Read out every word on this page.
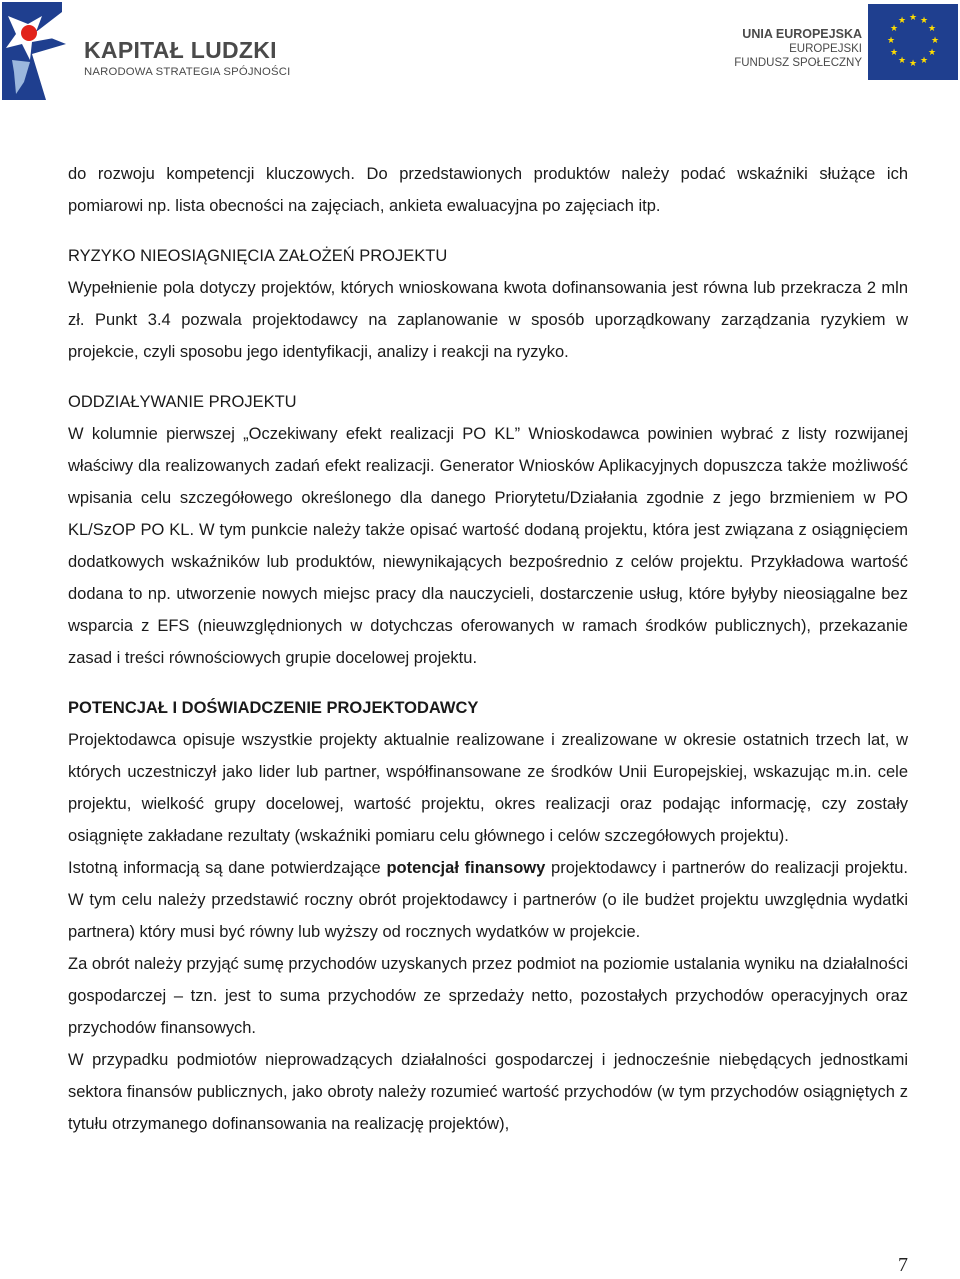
KAPITAŁ LUDZKI
NARODOWA STRATEGIA SPÓJNOŚCI
UNIA EUROPEJSKA
EUROPEJSKI
FUNDUSZ SPOŁECZNY
★ ★
★
★
★
★
★
★
★
★
★
★

do rozwoju kompetencji kluczowych. Do przedstawionych produktów należy podać wskaźniki służące ich pomiarowi np. lista obecności na zajęciach, ankieta ewaluacyjna po zajęciach itp.

RYZYKO NIEOSIĄGNIĘCIA ZAŁOŻEŃ PROJEKTU

Wypełnienie pola dotyczy projektów, których wnioskowana kwota dofinansowania jest równa lub przekracza 2 mln zł. Punkt 3.4 pozwala projektodawcy na zaplanowanie w sposób uporządkowany zarządzania ryzykiem w projekcie, czyli sposobu jego identyfikacji, analizy i reakcji na ryzyko.

ODDZIAŁYWANIE PROJEKTU

W kolumnie pierwszej „Oczekiwany efekt realizacji PO KL” Wnioskodawca powinien wybrać z listy rozwijanej właściwy dla realizowanych zadań efekt realizacji. Generator Wniosków Aplikacyjnych dopuszcza także możliwość wpisania celu szczegółowego określonego dla danego Priorytetu/Działania zgodnie z jego brzmieniem w PO KL/SzOP PO KL. W tym punkcie należy także opisać wartość dodaną projektu, która jest związana z osiągnięciem dodatkowych wskaźników lub produktów, niewynikających bezpośrednio z celów projektu. Przykładowa wartość dodana to np. utworzenie nowych miejsc pracy dla nauczycieli, dostarczenie usług, które byłyby nieosiągalne bez wsparcia z EFS (nieuwzględnionych w dotychczas oferowanych w ramach środków publicznych), przekazanie zasad i treści równościowych grupie docelowej projektu.

POTENCJAŁ I DOŚWIADCZENIE PROJEKTODAWCY

Projektodawca opisuje wszystkie projekty aktualnie realizowane i zrealizowane w okresie ostatnich trzech lat, w których uczestniczył jako lider lub partner, współfinansowane ze środków Unii Europejskiej, wskazując m.in. cele projektu, wielkość grupy docelowej, wartość projektu, okres realizacji oraz podając informację, czy zostały osiągnięte zakładane rezultaty (wskaźniki pomiaru celu głównego i celów szczegółowych projektu).

Istotną informacją są dane potwierdzające potencjał finansowy projektodawcy i partnerów do realizacji projektu. W tym celu należy przedstawić roczny obrót projektodawcy i partnerów (o ile budżet projektu uwzględnia wydatki partnera) który musi być równy lub wyższy od rocznych wydatków w projekcie.

Za obrót należy przyjąć sumę przychodów uzyskanych przez podmiot na poziomie ustalania wyniku na działalności gospodarczej – tzn. jest to suma przychodów ze sprzedaży netto, pozostałych przychodów operacyjnych oraz przychodów finansowych.

W przypadku podmiotów nieprowadzących działalności gospodarczej i jednocześnie niebędących jednostkami sektora finansów publicznych, jako obroty należy rozumieć wartość przychodów (w tym przychodów osiągniętych z tytułu otrzymanego dofinansowania na realizację projektów),

7
